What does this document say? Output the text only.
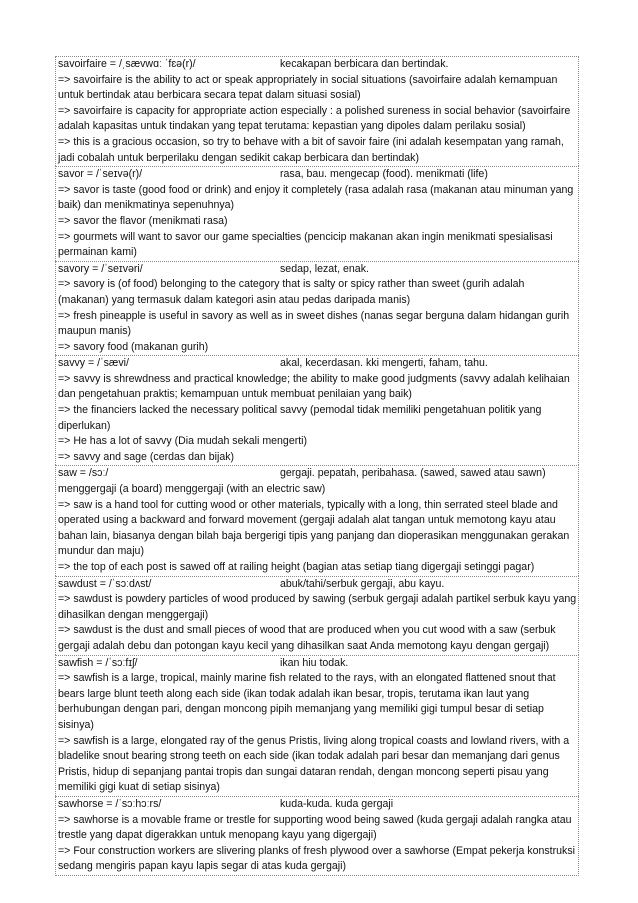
savoirfaire = /ˌsævwɑː ˈfɛə(r)/	kecakapan berbicara dan bertindak.

=> savoirfaire is the ability to act or speak appropriately in social situations (savoirfaire adalah kemampuan untuk bertindak atau berbicara secara tepat dalam situasi sosial)

=> savoirfaire is capacity for appropriate action especially : a polished sureness in social behavior (savoirfaire adalah kapasitas untuk tindakan yang tepat terutama: kepastian yang dipoles dalam perilaku sosial)

=> this is a gracious occasion, so try to behave with a bit of savoir faire (ini adalah kesempatan yang ramah, jadi cobalah untuk berperilaku dengan sedikit cakap berbicara dan bertindak)

savor = /ˈseɪvə(r)/	rasa, bau. mengecap (food). menikmati (life)

=> savor is taste (good food or drink) and enjoy it completely (rasa adalah rasa (makanan atau minuman yang baik) dan menikmatinya sepenuhnya)

=> savor the flavor (menikmati rasa)

=> gourmets will want to savor our game specialties (pencicip makanan akan ingin menikmati spesialisasi permainan kami)

savory = /ˈseɪvəri/	sedap, lezat, enak.

=> savory is (of food) belonging to the category that is salty or spicy rather than sweet (gurih adalah (makanan) yang termasuk dalam kategori asin atau pedas daripada manis)

=> fresh pineapple is useful in savory as well as in sweet dishes (nanas segar berguna dalam hidangan gurih maupun manis)

=> savory food (makanan gurih)

savvy = /ˈsævi/	akal, kecerdasan. kki mengerti, faham, tahu.

=> savvy is shrewdness and practical knowledge; the ability to make good judgments (savvy adalah kelihaian dan pengetahuan praktis; kemampuan untuk membuat penilaian yang baik)

=> the financiers lacked the necessary political savvy (pemodal tidak memiliki pengetahuan politik yang diperlukan)

=> He has a lot of savvy (Dia mudah sekali mengerti)

=> savvy and sage (cerdas dan bijak)

saw = /sɔː/	gergaji. pepatah, peribahasa. (sawed, sawed atau sawn)

menggergaji (a board) menggergaji (with an electric saw)

=> saw is a hand tool for cutting wood or other materials, typically with a long, thin serrated steel blade and operated using a backward and forward movement (gergaji adalah alat tangan untuk memotong kayu atau bahan lain, biasanya dengan bilah baja bergerigi tipis yang panjang dan dioperasikan menggunakan gerakan mundur dan maju)

=> the top of each post is sawed off at railing height (bagian atas setiap tiang digergaji setinggi pagar)

sawdust = /ˈsɔːdʌst/	abuk/tahi/serbuk gergaji, abu kayu.

=> sawdust is powdery particles of wood produced by sawing (serbuk gergaji adalah partikel serbuk kayu yang dihasilkan dengan menggergaji)

=> sawdust is the dust and small pieces of wood that are produced when you cut wood with a saw (serbuk gergaji adalah debu dan potongan kayu kecil yang dihasilkan saat Anda memotong kayu dengan gergaji)

sawfish = /ˈsɔːfɪʃ/	ikan hiu todak.

=> sawfish is a large, tropical, mainly marine fish related to the rays, with an elongated flattened snout that bears large blunt teeth along each side (ikan todak adalah ikan besar, tropis, terutama ikan laut yang berhubungan dengan pari, dengan moncong pipih memanjang yang memiliki gigi tumpul besar di setiap sisinya)

=> sawfish is a large, elongated ray of the genus Pristis, living along tropical coasts and lowland rivers, with a bladelike snout bearing strong teeth on each side (ikan todak adalah pari besar dan memanjang dari genus Pristis, hidup di sepanjang pantai tropis dan sungai dataran rendah, dengan moncong seperti pisau yang memiliki gigi kuat di setiap sisinya)

sawhorse = /ˈsɔːhɔːrs/	kuda-kuda. kuda gergaji

=> sawhorse is a movable frame or trestle for supporting wood being sawed (kuda gergaji adalah rangka atau trestle yang dapat digerakkan untuk menopang kayu yang digergaji)

=> Four construction workers are slivering planks of fresh plywood over a sawhorse (Empat pekerja konstruksi sedang mengiris papan kayu lapis segar di atas kuda gergaji)
